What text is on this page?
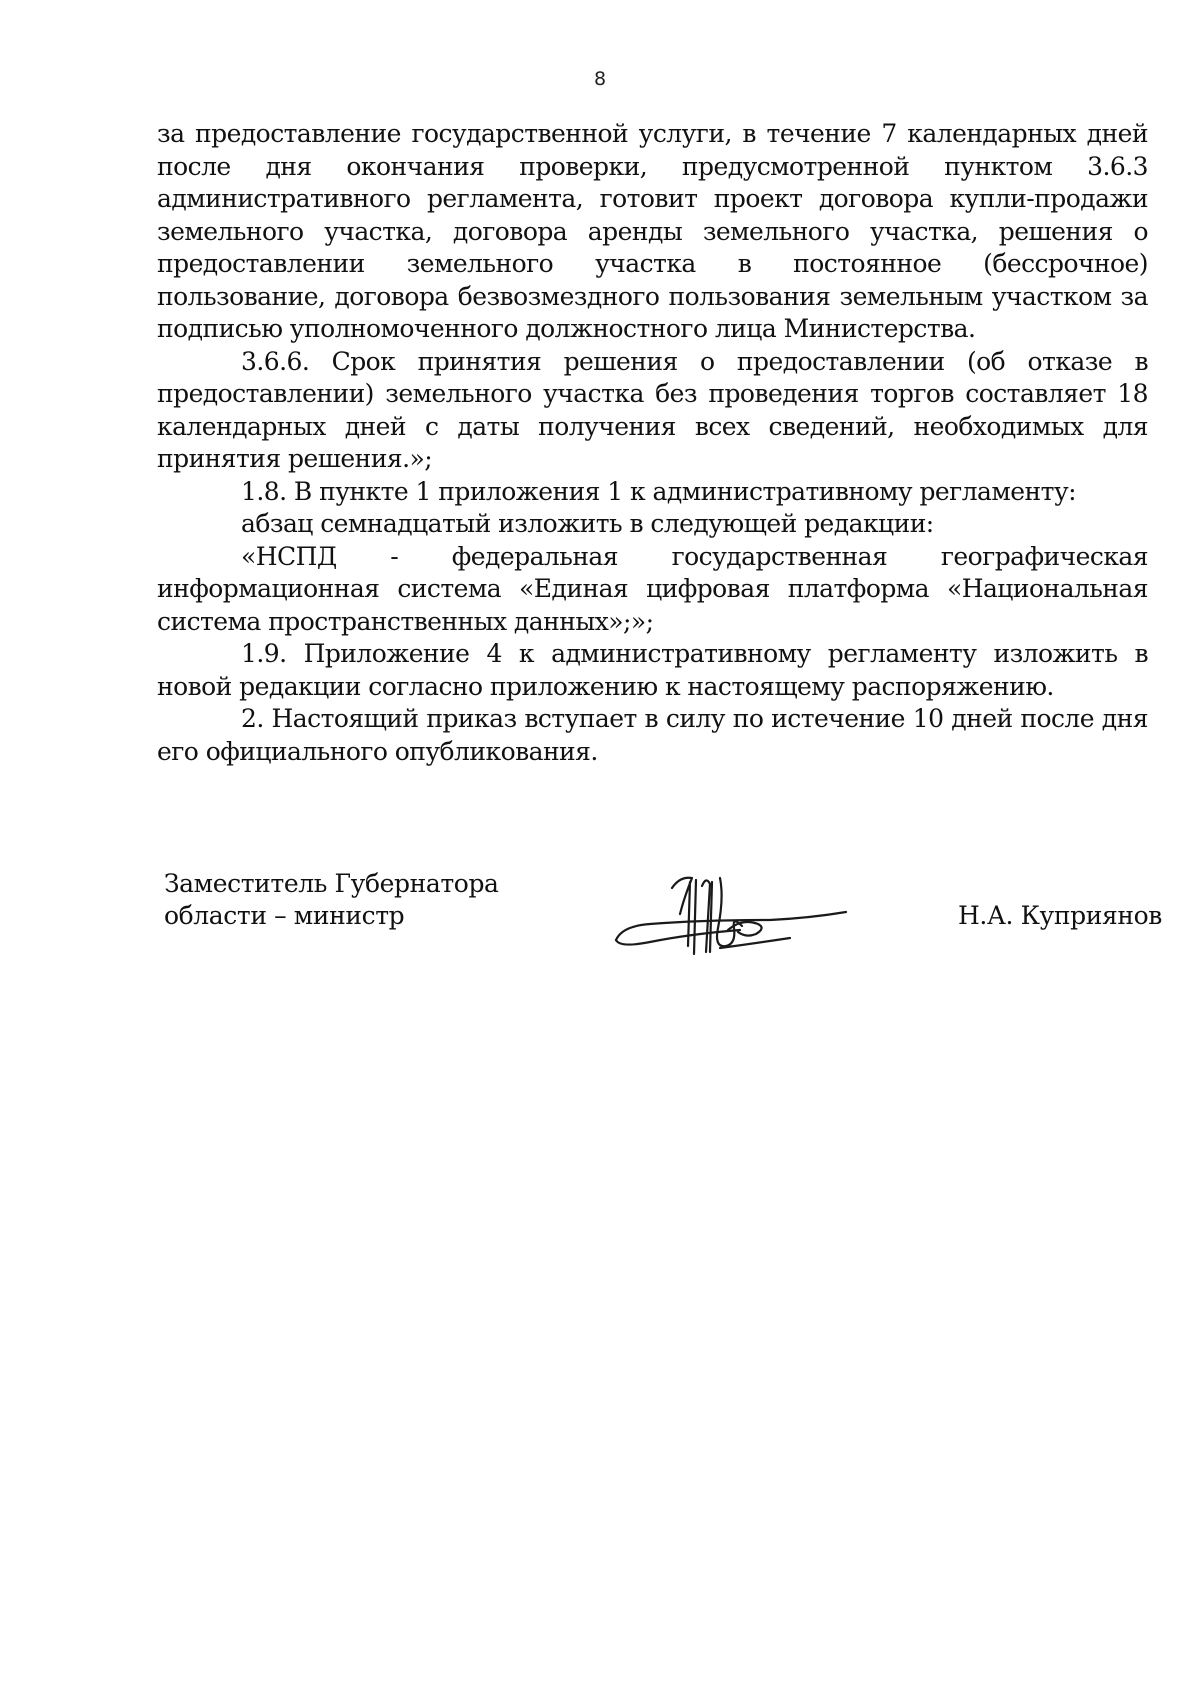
8

за предоставление государственной услуги, в течение 7 календарных дней после дня окончания проверки, предусмотренной пунктом 3.6.3 административного регламента, готовит проект договора купли-продажи земельного участка, договора аренды земельного участка, решения о предоставлении земельного участка в постоянное (бессрочное) пользование, договора безвозмездного пользования земельным участком за подписью уполномоченного должностного лица Министерства.

3.6.6. Срок принятия решения о предоставлении (об отказе в предоставлении) земельного участка без проведения торгов составляет 18 календарных дней с даты получения всех сведений, необходимых для принятия решения.»;

1.8. В пункте 1 приложения 1 к административному регламенту:

абзац семнадцатый изложить в следующей редакции:

«НСПД - федеральная государственная географическая информационная система «Единая цифровая платформа «Национальная система пространственных данных»;»;

1.9. Приложение 4 к административному регламенту изложить в новой редакции согласно приложению к настоящему распоряжению.

2. Настоящий приказ вступает в силу по истечение 10 дней после дня его официального опубликования.

Заместитель Губернатора
области – министр	Н.А. Куприянов
